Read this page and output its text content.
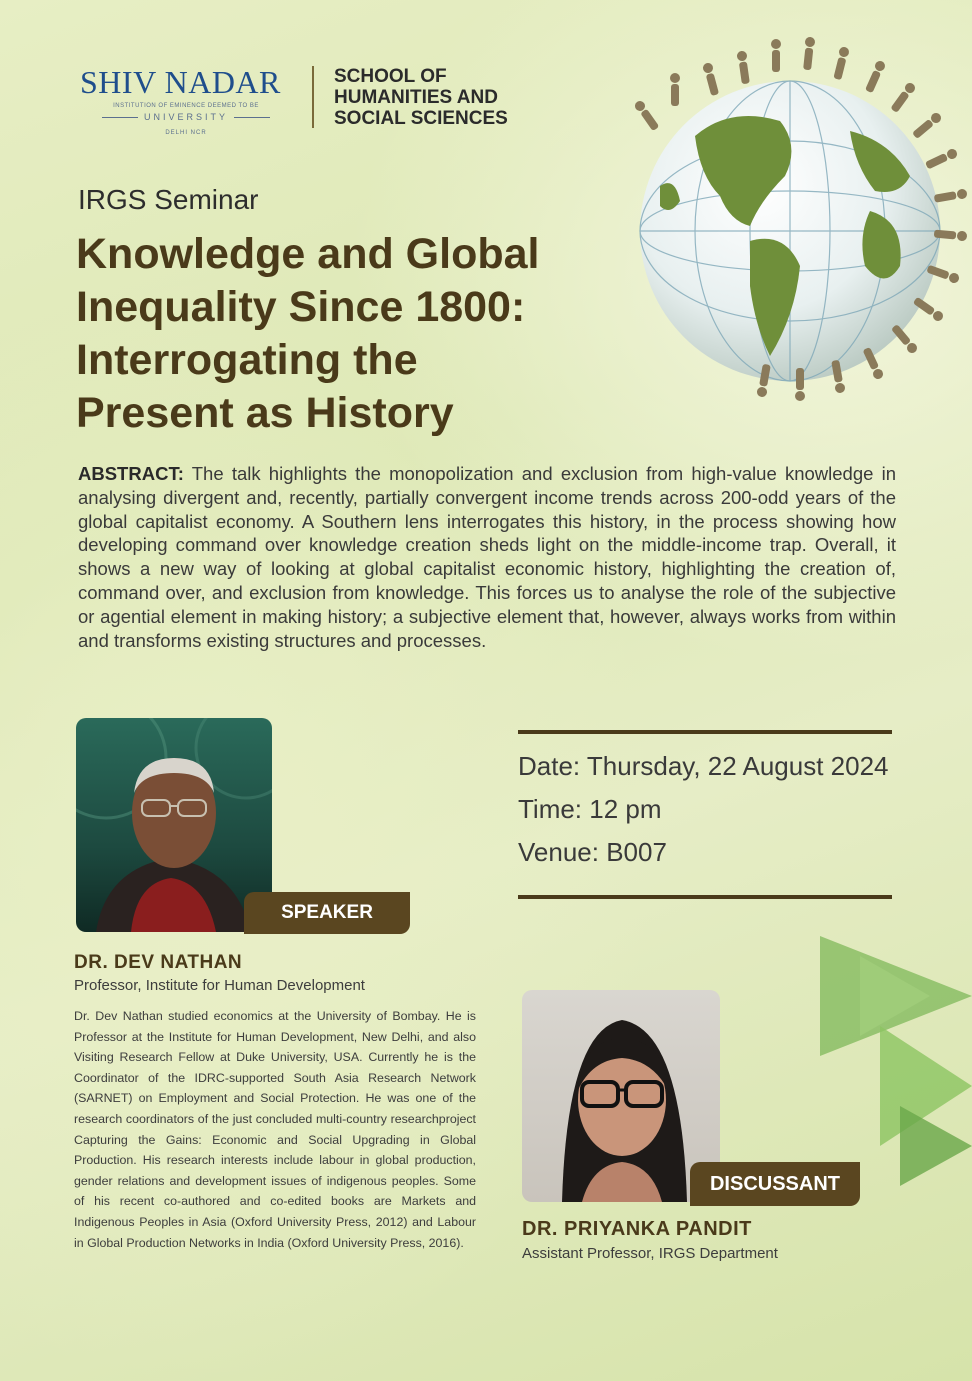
SHIV NADAR
INSTITUTION OF EMINENCE DEEMED TO BE
UNIVERSITY
DELHI NCR
SCHOOL OF
HUMANITIES AND
SOCIAL SCIENCES
IRGS Seminar
Knowledge and Global
Inequality Since 1800:
Interrogating the
Present as History
ABSTRACT: The talk highlights the monopolization and exclusion from high-value knowledge in analysing divergent and, recently, partially convergent income trends across 200-odd years of the global capitalist economy. A Southern lens interrogates this history, in the process showing how developing command over knowledge creation sheds light on the middle-income trap. Overall, it shows a new way of looking at global capitalist economic history, highlighting the creation of, command over, and exclusion from knowledge. This forces us to analyse the role of the subjective or agential element in making history; a subjective element that, however, always works from within and transforms existing structures and processes.
SPEAKER
Date: Thursday, 22 August 2024
Time: 12 pm
Venue: B007
DR. DEV NATHAN
Professor, Institute for Human Development
Dr. Dev Nathan studied economics at the University of Bombay. He is Professor at the Institute for Human Development, New Delhi, and also Visiting Research Fellow at Duke University, USA. Currently he is the Coordinator of the IDRC-supported South Asia Research Network (SARNET) on Employment and Social Protection. He was one of the research coordinators of the just concluded multi-country researchproject Capturing the Gains: Economic and Social Upgrading in Global Production. His research interests include labour in global production, gender relations and development issues of indigenous peoples. Some of his recent co-authored and co-edited books are Markets and Indigenous Peoples in Asia (Oxford University Press, 2012) and Labour in Global Production Networks in India (Oxford University Press, 2016).
DISCUSSANT
DR. PRIYANKA PANDIT
Assistant Professor, IRGS Department
